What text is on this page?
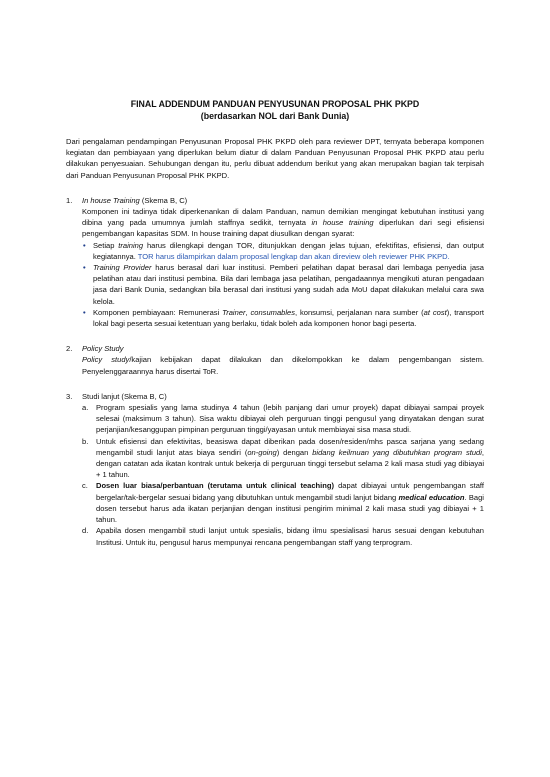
FINAL ADDENDUM PANDUAN PENYUSUNAN PROPOSAL PHK PKPD
(berdasarkan NOL dari Bank Dunia)

Dari pengalaman pendampingan Penyusunan Proposal PHK PKPD oleh para reviewer DPT, ternyata beberapa komponen kegiatan dan pembiayaan yang diperlukan belum diatur di dalam Panduan Penyusunan Proposal PHK PKPD atau perlu dilakukan penyesuaian. Sehubungan dengan itu, perlu dibuat addendum berikut yang akan merupakan bagian tak terpisah dari Panduan Penyusunan Proposal PHK PKPD.
1. In house Training (Skema B, C)
Komponen ini tadinya tidak diperkenankan di dalam Panduan, namun demikian mengingat kebutuhan institusi yang dibina yang pada umumnya jumlah staffnya sedikit, ternyata in house training diperlukan dari segi efisiensi pengembangan kapasitas SDM. In house training dapat diusulkan dengan syarat:
• Setiap training harus dilengkapi dengan TOR, ditunjukkan dengan jelas tujuan, efektifitas, efisiensi, dan output kegiatannya. TOR harus dilampirkan dalam proposal lengkap dan akan direview oleh reviewer PHK PKPD.
• Training Provider harus berasal dari luar institusi. Pemberi pelatihan dapat berasal dari lembaga penyedia jasa pelatihan atau dari institusi pembina. Bila dari lembaga jasa pelatihan, pengadaannya mengikuti aturan pengadaan jasa dari Bank Dunia, sedangkan bila berasal dari institusi yang sudah ada MoU dapat dilakukan melalui cara swa kelola.
• Komponen pembiayaan: Remunerasi Trainer, consumables, konsumsi, perjalanan nara sumber (at cost), transport lokal bagi peserta sesuai ketentuan yang berlaku, tidak boleh ada komponen honor bagi peserta.
2. Policy Study
Policy study/kajian kebijakan dapat dilakukan dan dikelompokkan ke dalam pengembangan sistem. Penyelenggaraannya harus disertai ToR.
3. Studi lanjut (Skema B, C)
a. Program spesialis yang lama studinya 4 tahun (lebih panjang dari umur proyek) dapat dibiayai sampai proyek selesai (maksimum 3 tahun). Sisa waktu dibiayai oleh perguruan tinggi pengusul yang dinyatakan dengan surat perjanjian/kesanggupan pimpinan perguruan tinggi/yayasan untuk membiayai sisa masa studi.
b. Untuk efisiensi dan efektivitas, beasiswa dapat diberikan pada dosen/residen/mhs pasca sarjana yang sedang mengambil studi lanjut atas biaya sendiri (on-going) dengan bidang keilmuan yang dibutuhkan program studi, dengan catatan ada ikatan kontrak untuk bekerja di perguruan tinggi tersebut selama 2 kali masa studi yag dibiayai + 1 tahun.
c. Dosen luar biasa/perbantuan (terutama untuk clinical teaching) dapat dibiayai untuk pengembangan staff bergelar/tak-bergelar sesuai bidang yang dibutuhkan untuk mengambil studi lanjut bidang medical education. Bagi dosen tersebut harus ada ikatan perjanjian dengan institusi pengirim minimal 2 kali masa studi yag dibiayai + 1 tahun.
d. Apabila dosen mengambil studi lanjut untuk spesialis, bidang ilmu spesialisasi harus sesuai dengan kebutuhan Institusi. Untuk itu, pengusul harus mempunyai rencana pengembangan staff yang terprogram.
